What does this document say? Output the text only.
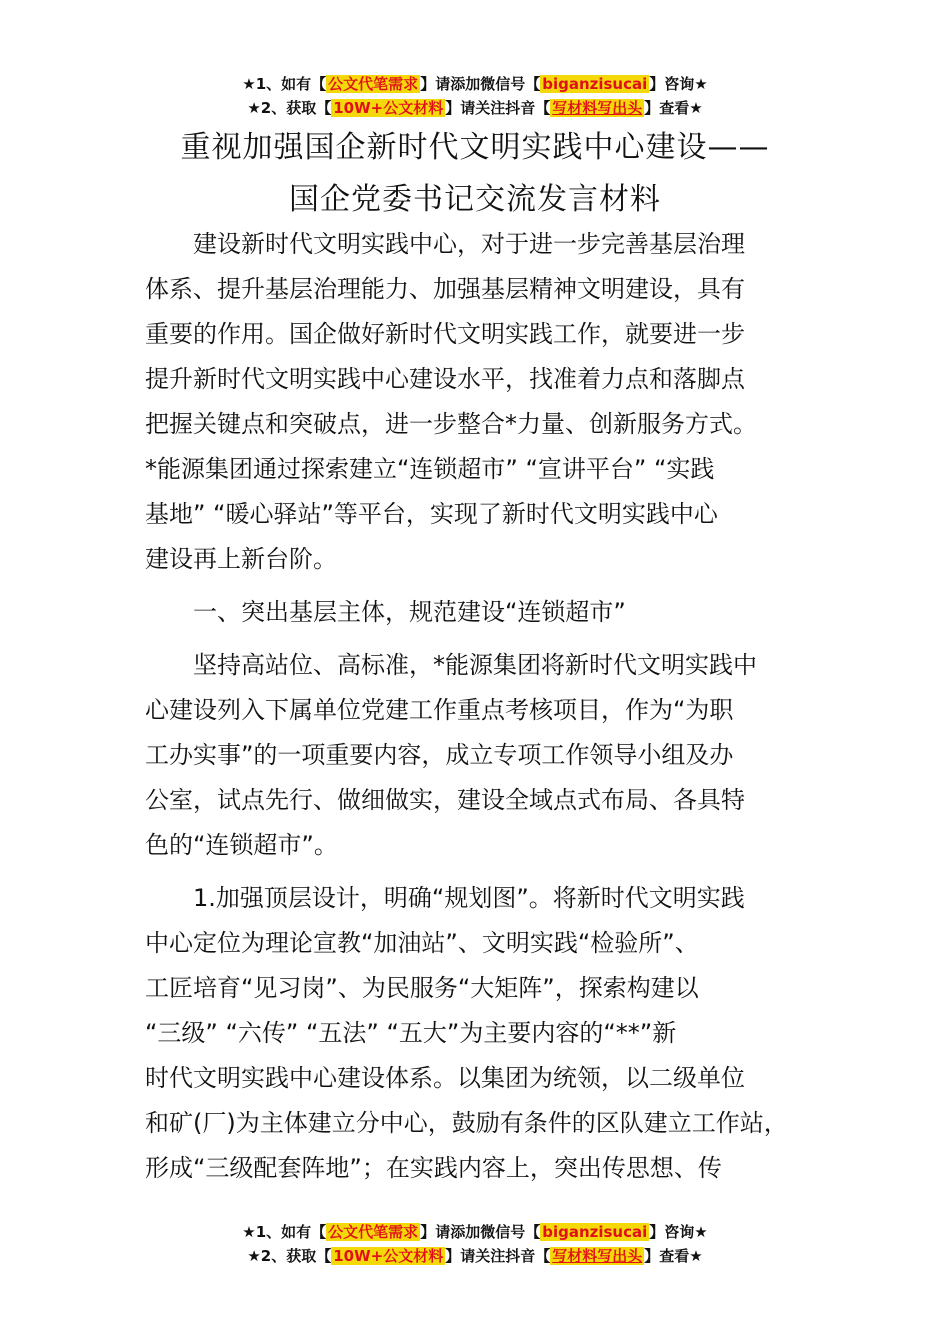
★1、如有【 公文代笔需求 】请添加微信号【 biganzisucai 】咨询★
★2、获取【 10W+公文材料 】请关注抖音【 写材料写出头 】查看★
重视加强国企新时代文明实践中心建设——
国企党委书记交流发言材料
建设新时代文明实践中心，对于进一步完善基层治理
体系、提升基层治理能力、加强基层精神文明建设，具有
重要的作用。国企做好新时代文明实践工作，就要进一步
提升新时代文明实践中心建设水平，找准着力点和落脚点
把握关键点和突破点，进一步整合*力量、创新服务方式。
*能源集团通过探索建立“连锁超市” “宣讲平台” “实践
基地” “暖心驿站”等平台，实现了新时代文明实践中心
建设再上新台阶。
一、突出基层主体，规范建设“连锁超市”
坚持高站位、高标准，*能源集团将新时代文明实践中
心建设列入下属单位党建工作重点考核项目，作为“为职
工办实事”的一项重要内容，成立专项工作领导小组及办
公室，试点先行、做细做实，建设全域点式布局、各具特
色的“连锁超市”。
1.加强顶层设计，明确“规划图”。将新时代文明实践
中心定位为理论宣教“加油站”、文明实践“检验所”、
工匠培育“见习岗”、为民服务“大矩阵”，探索构建以
“三级” “六传” “五法” “五大”为主要内容的“**”新
时代文明实践中心建设体系。以集团为统领，以二级单位
和矿(厂)为主体建立分中心，鼓励有条件的区队建立工作站，
形成“三级配套阵地”；在实践内容上，突出传思想、传
★1、如有【 公文代笔需求 】请添加微信号【 biganzisucai 】咨询★
★2、获取【 10W+公文材料 】请关注抖音【 写材料写出头 】查看★
